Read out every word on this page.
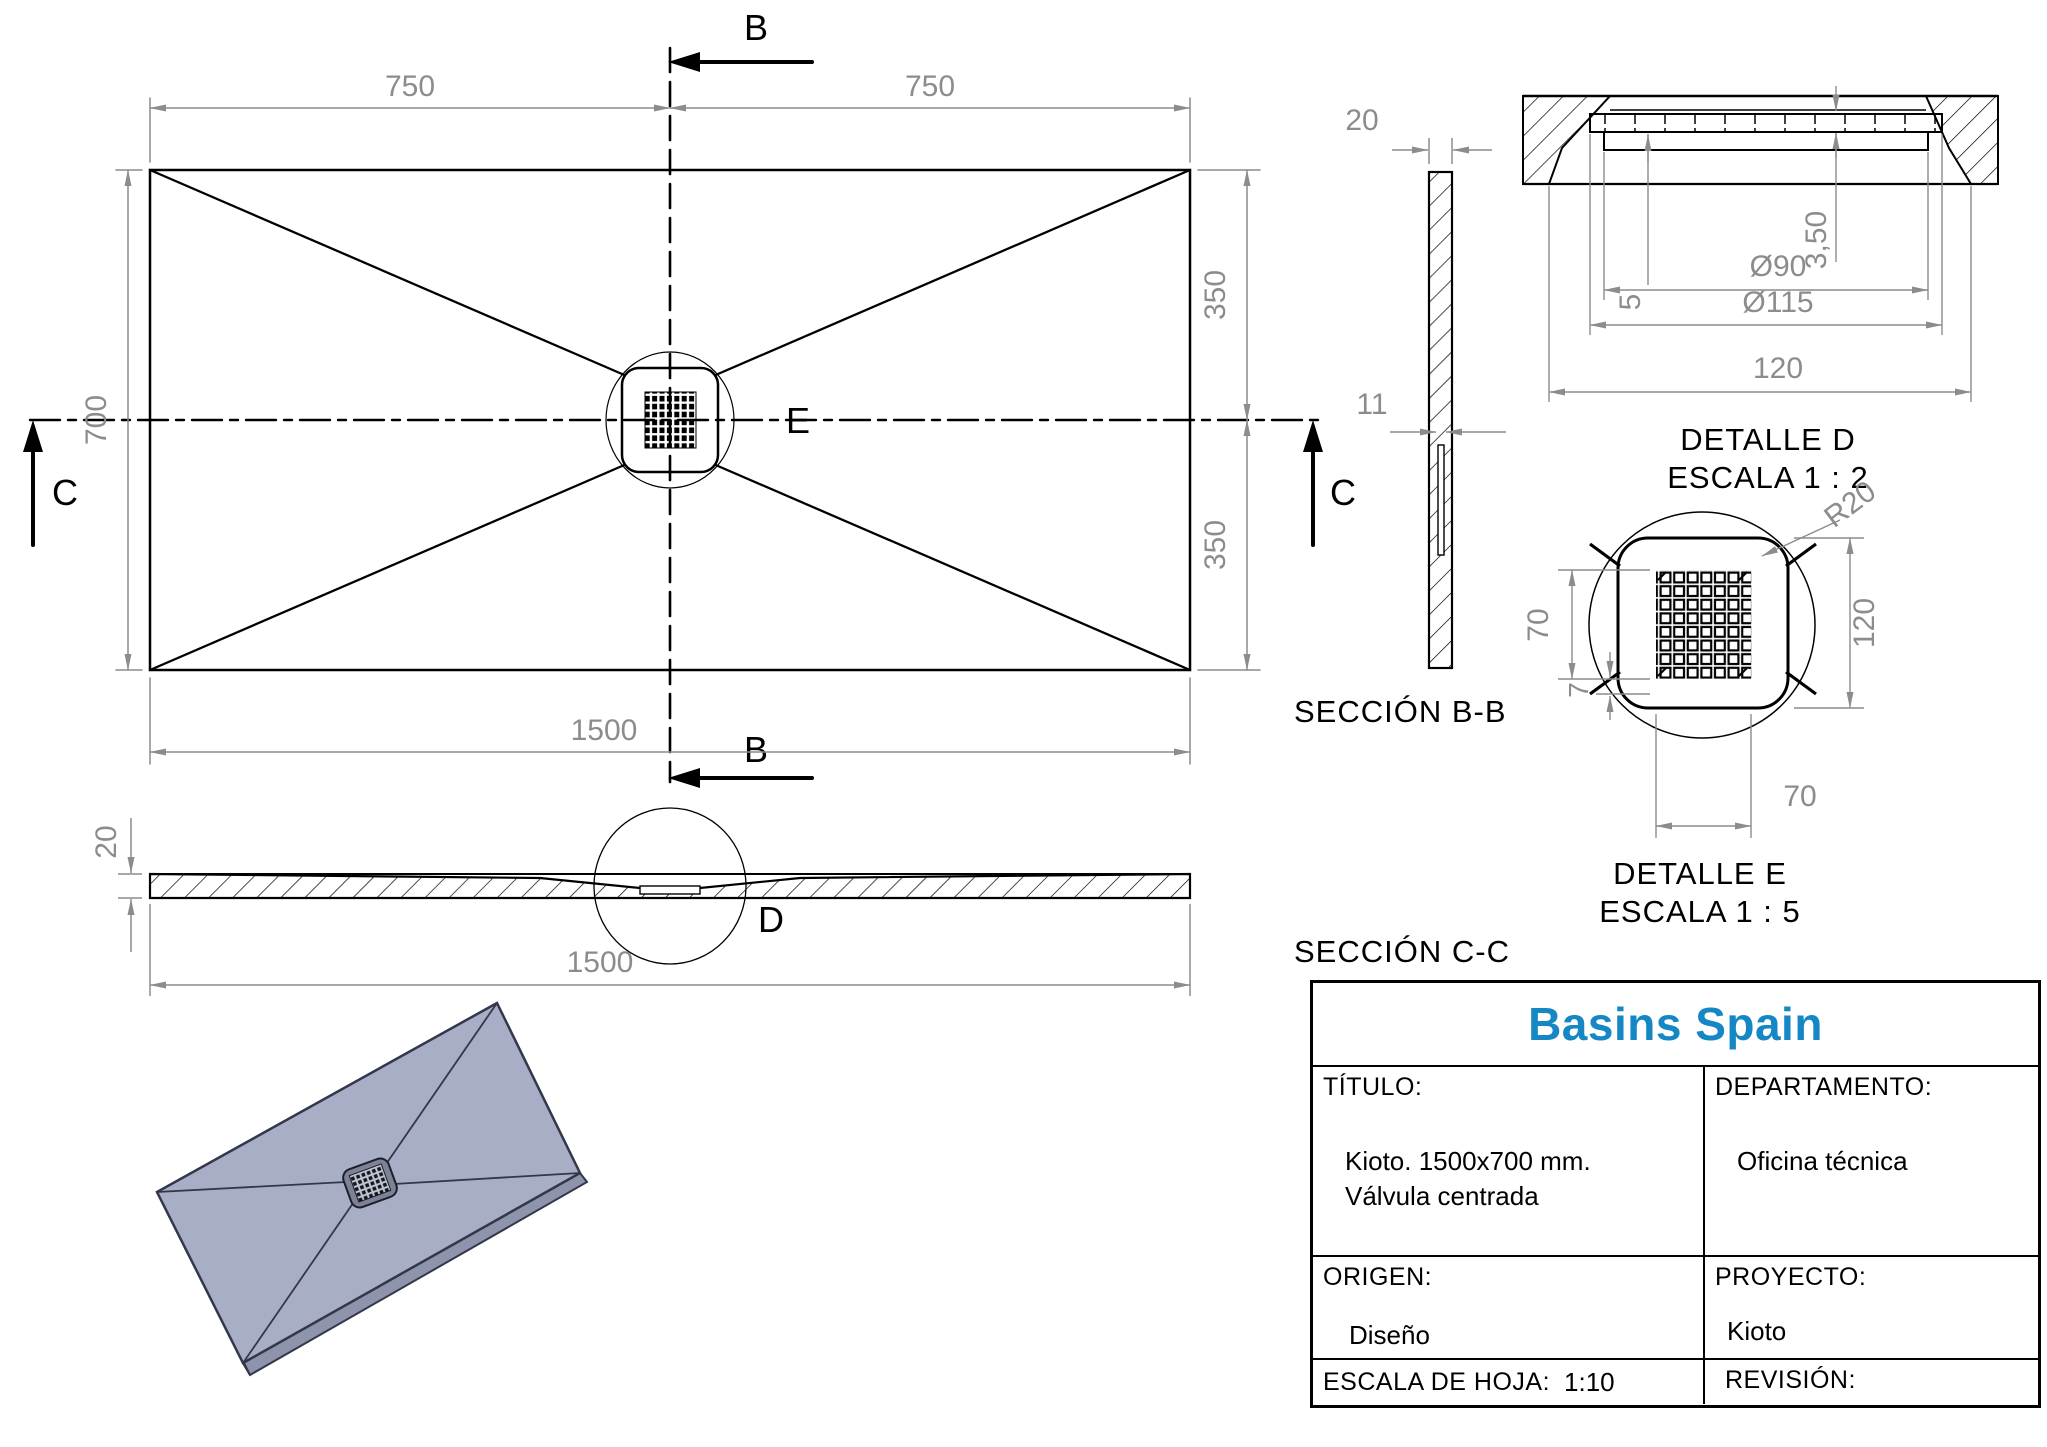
E
B
B
C	C
750	750
1500
700
350
350
20
11
SECCIÓN B-B
5
3,50
Ø90
Ø115
120
DETALLE D
ESCALA 1 : 2
70
7
120
70
R20
DETALLE E
ESCALA 1 : 5
D
20
1500	SECCIÓN C-C
Basins Spain
TÍTULO:
Kioto. 1500x700 mm.
Válvula centrada
DEPARTAMENTO:
Oficina técnica
ORIGEN:
Diseño
PROYECTO:
Kioto
ESCALA DE HOJA: 1:10	REVISIÓN:
